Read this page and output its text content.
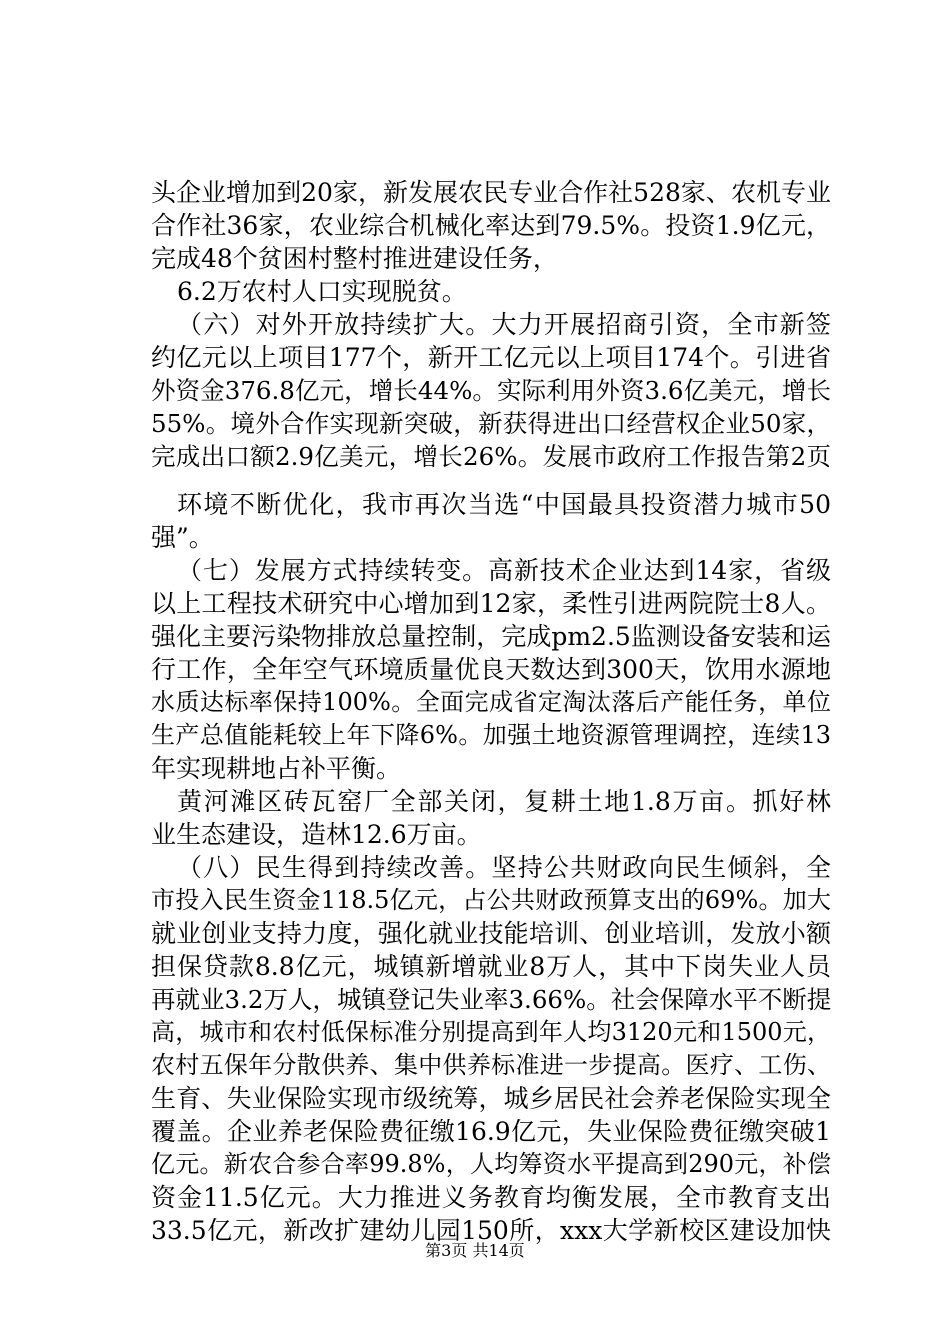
头企业增加到20家，新发展农民专业合作社528家、农机专业
合作社36家，农业综合机械化率达到79.5%。投资1.9亿元，
完成48个贫困村整村推进建设任务，
6.2万农村人口实现脱贫。
（六）对外开放持续扩大。大力开展招商引资，全市新签
约亿元以上项目177个，新开工亿元以上项目174个。引进省
外资金376.8亿元，增长44%。实际利用外资3.6亿美元，增长
55%。境外合作实现新突破，新获得进出口经营权企业50家，
完成出口额2.9亿美元，增长26%。发展市政府工作报告第2页
环境不断优化，我市再次当选“中国最具投资潜力城市50
强”。
（七）发展方式持续转变。高新技术企业达到14家，省级
以上工程技术研究中心增加到12家，柔性引进两院院士8人。
强化主要污染物排放总量控制，完成pm2.5监测设备安装和运
行工作，全年空气环境质量优良天数达到300天，饮用水源地
水质达标率保持100%。全面完成省定淘汰落后产能任务，单位
生产总值能耗较上年下降6%。加强土地资源管理调控，连续13
年实现耕地占补平衡。
黄河滩区砖瓦窑厂全部关闭，复耕土地1.8万亩。抓好林
业生态建设，造林12.6万亩。
（八）民生得到持续改善。坚持公共财政向民生倾斜，全
市投入民生资金118.5亿元，占公共财政预算支出的69%。加大
就业创业支持力度，强化就业技能培训、创业培训，发放小额
担保贷款8.8亿元，城镇新增就业8万人，其中下岗失业人员
再就业3.2万人，城镇登记失业率3.66%。社会保障水平不断提
高，城市和农村低保标准分别提高到年人均3120元和1500元，
农村五保年分散供养、集中供养标准进一步提高。医疗、工伤、
生育、失业保险实现市级统筹，城乡居民社会养老保险实现全
覆盖。企业养老保险费征缴16.9亿元，失业保险费征缴突破1
亿元。新农合参合率99.8%，人均筹资水平提高到290元，补偿
资金11.5亿元。大力推进义务教育均衡发展，全市教育支出
33.5亿元，新改扩建幼儿园150所，xxx大学新校区建设加快
第3页 共14页
